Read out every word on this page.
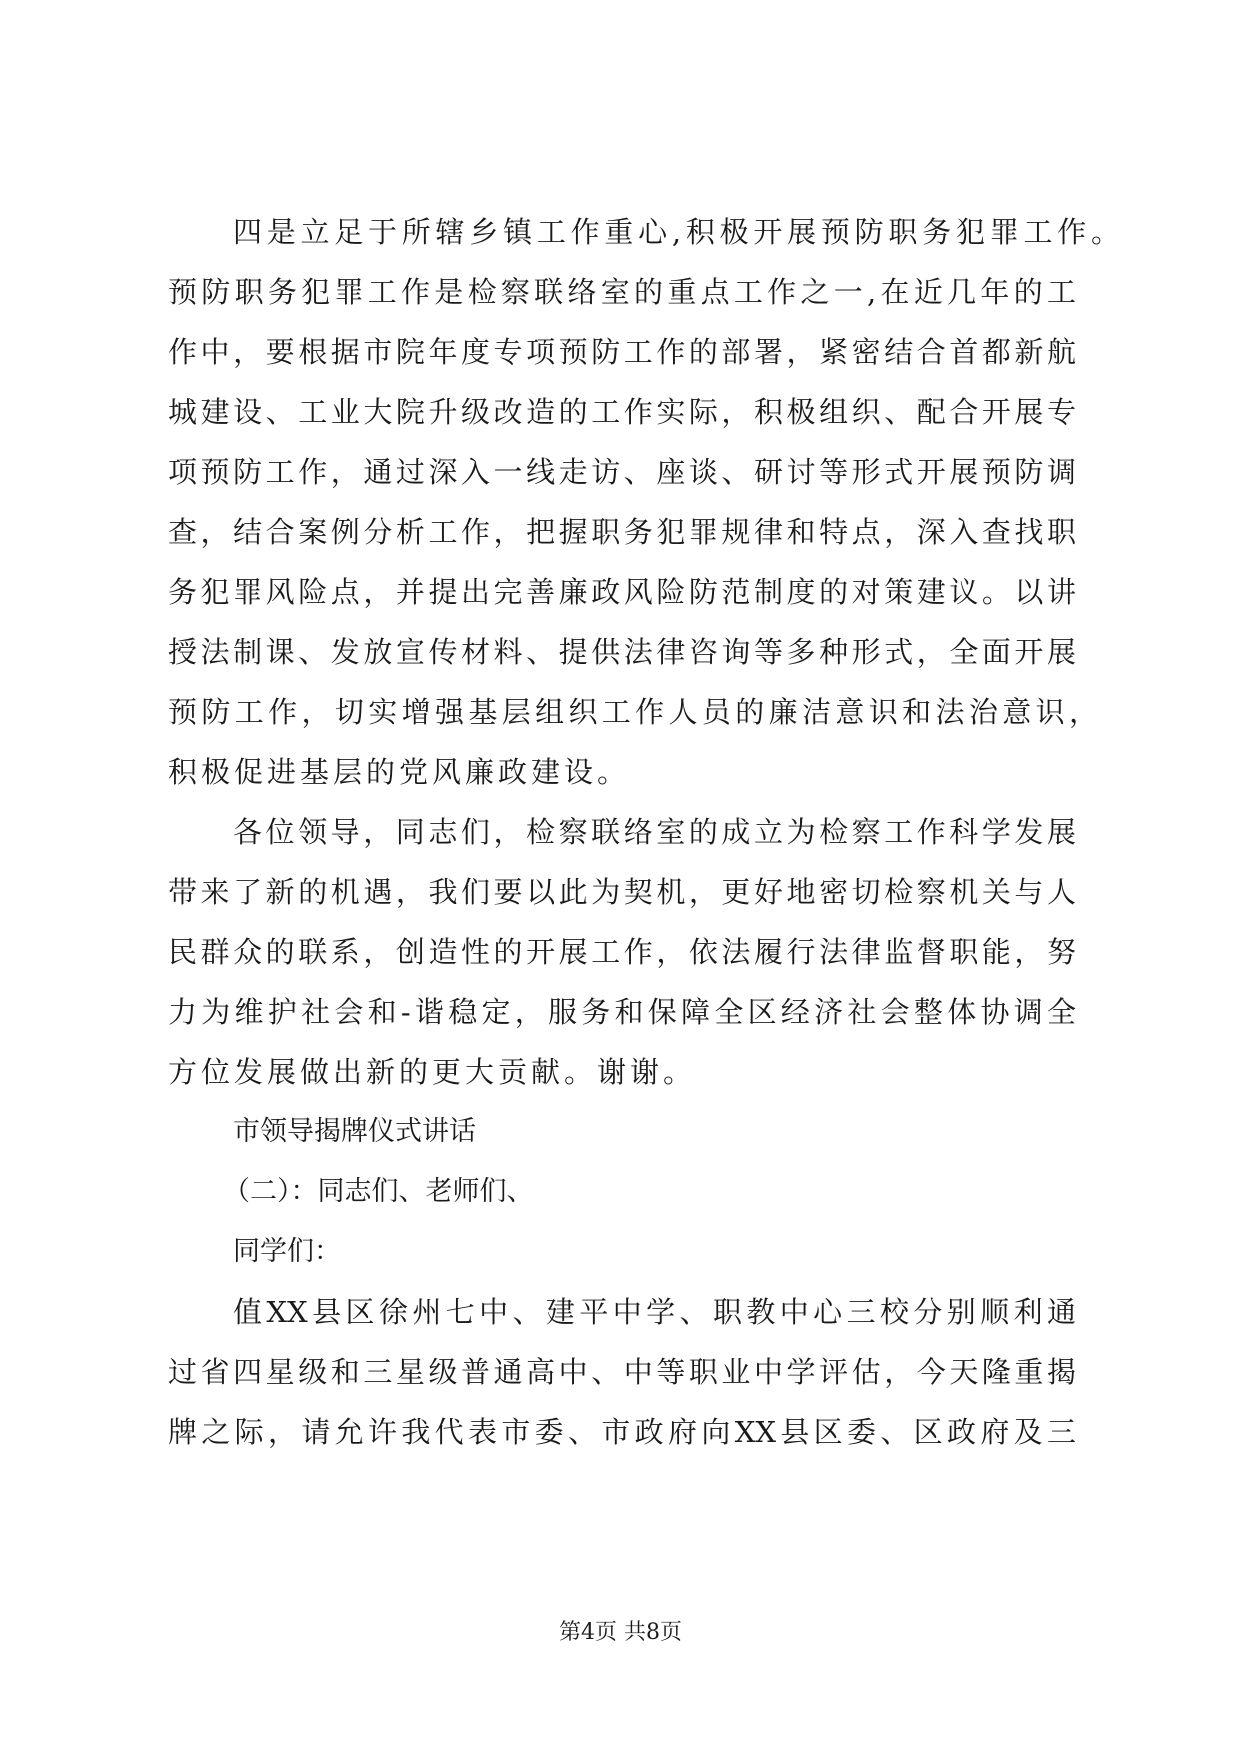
四是立足于所辖乡镇工作重心,积极开展预防职务犯罪工作。
预防职务犯罪工作是检察联络室的重点工作之一,在近几年的工
作中，要根据市院年度专项预防工作的部署，紧密结合首都新航
城建设、工业大院升级改造的工作实际，积极组织、配合开展专
项预防工作，通过深入一线走访、座谈、研讨等形式开展预防调
查，结合案例分析工作，把握职务犯罪规律和特点，深入查找职
务犯罪风险点，并提出完善廉政风险防范制度的对策建议。以讲
授法制课、发放宣传材料、提供法律咨询等多种形式，全面开展
预防工作，切实增强基层组织工作人员的廉洁意识和法治意识，
积极促进基层的党风廉政建设。
各位领导，同志们，检察联络室的成立为检察工作科学发展
带来了新的机遇，我们要以此为契机，更好地密切检察机关与人
民群众的联系，创造性的开展工作，依法履行法律监督职能，努
力为维护社会和-谐稳定，服务和保障全区经济社会整体协调全
方位发展做出新的更大贡献。谢谢。
市领导揭牌仪式讲话
（二）：同志们、老师们、
同学们：
值XX县区徐州七中、建平中学、职教中心三校分别顺利通
过省四星级和三星级普通高中、中等职业中学评估，今天隆重揭
牌之际，请允许我代表市委、市政府向XX县区委、区政府及三
第4页 共8页
